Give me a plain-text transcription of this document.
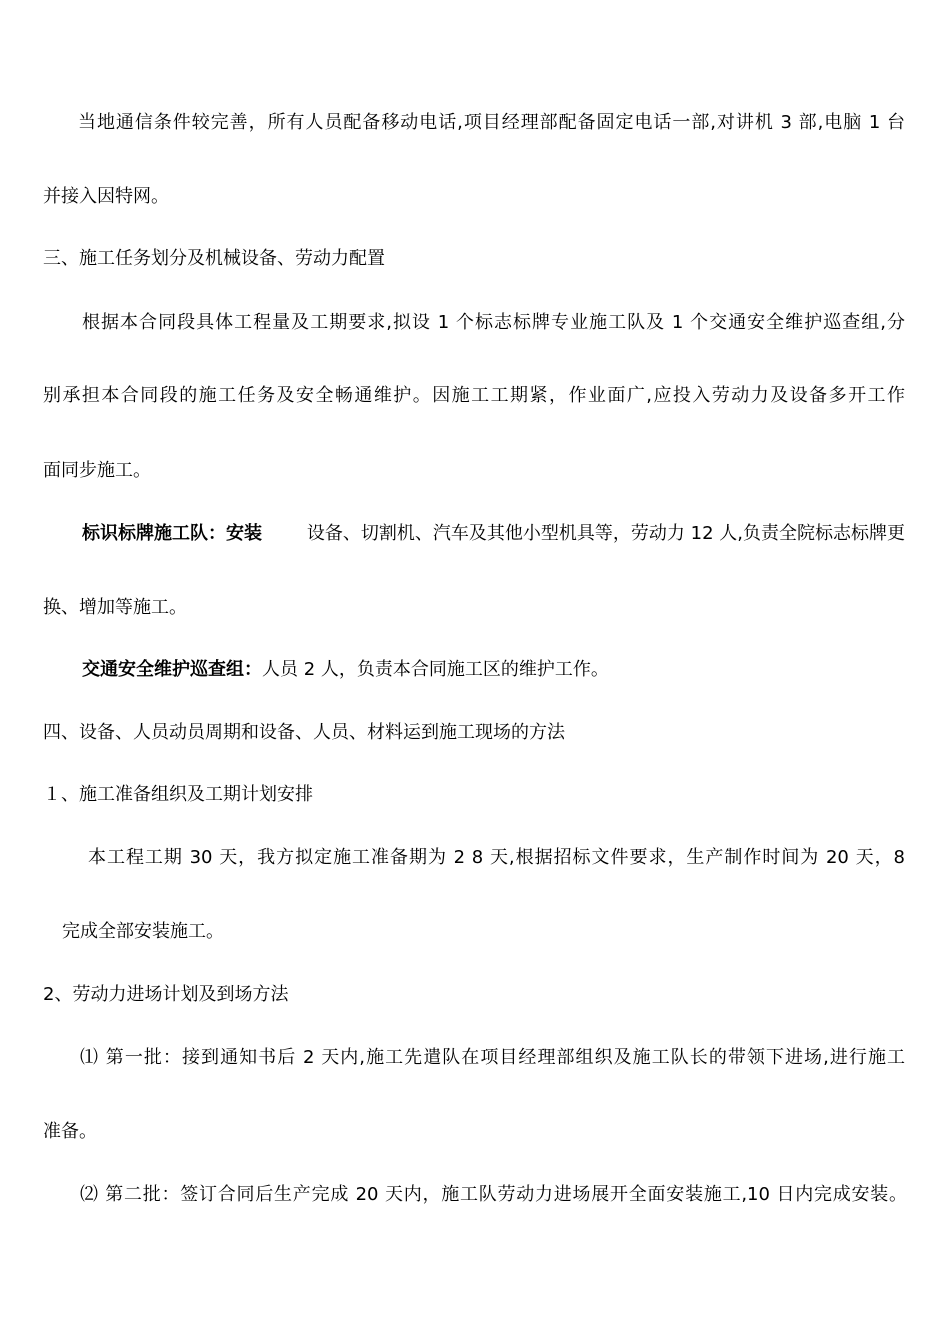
当地通信条件较完善，所有人员配备移动电话,项目经理部配备固定电话一部,对讲机 3 部,电脑 1 台
并接入因特网。
三、施工任务划分及机械设备、劳动力配置
根据本合同段具体工程量及工期要求,拟设 1 个标志标牌专业施工队及 1 个交通安全维护巡查组,分
别承担本合同段的施工任务及安全畅通维护。因施工工期紧，作业面广,应投入劳动力及设备多开工作
面同步施工。
标识标牌施工队：安装 设备、切割机、汽车及其他小型机具等，劳动力 12 人,负责全院标志标牌更
换、增加等施工。
交通安全维护巡查组：人员 2 人，负责本合同施工区的维护工作。
四、设备、人员动员周期和设备、人员、材料运到施工现场的方法
１、施工准备组织及工期计划安排
本工程工期 30 天，我方拟定施工准备期为 2 8 天,根据招标文件要求，生产制作时间为 20 天，8
完成全部安装施工。
2、劳动力进场计划及到场方法
⑴ 第一批：接到通知书后 2 天内,施工先遣队在项目经理部组织及施工队长的带领下进场,进行施工
准备。
⑵ 第二批：签订合同后生产完成 20 天内，施工队劳动力进场展开全面安装施工,10 日内完成安装。
